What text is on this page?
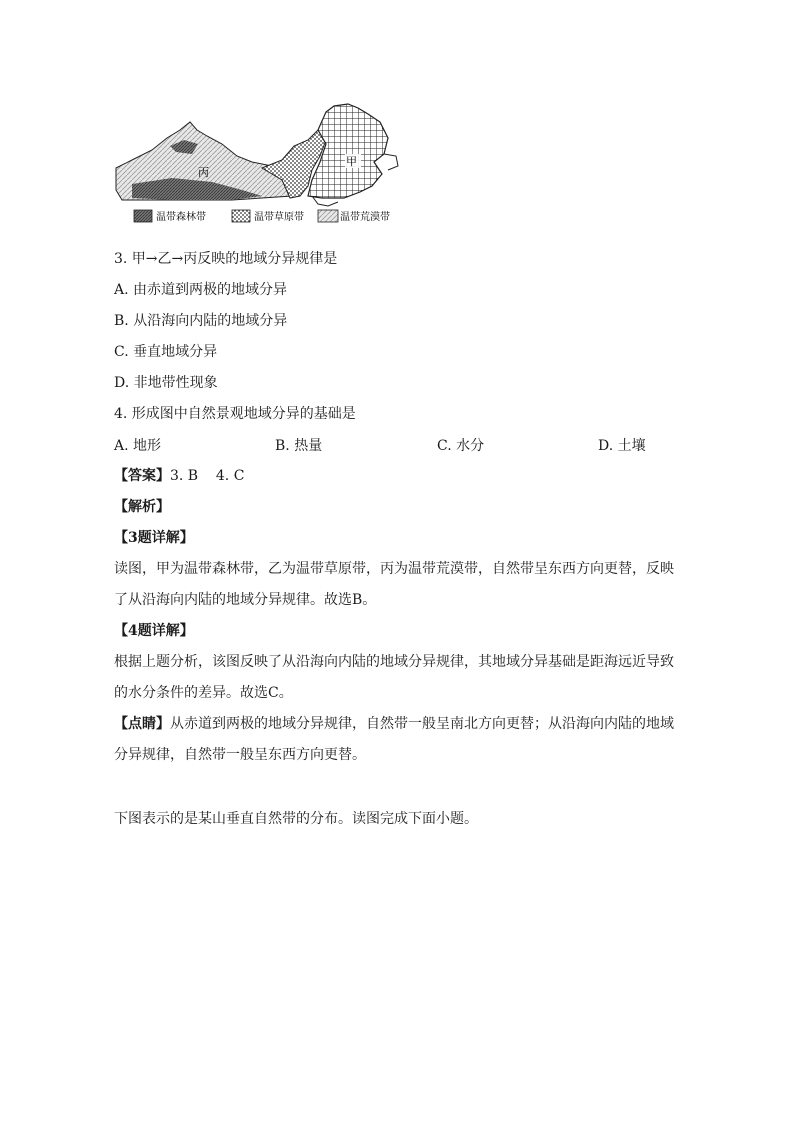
甲
丙
温带森林带	温带草原带	温带荒漠带
3. 甲→乙→丙反映的地域分异规律是
A. 由赤道到两极的地域分异
B. 从沿海向内陆的地域分异
C. 垂直地域分异
D. 非地带性现象
4. 形成图中自然景观地域分异的基础是
A. 地形	B. 热量	C. 水分	D. 土壤
【答案】3. B    4. C
【解析】
【3题详解】
读图，甲为温带森林带，乙为温带草原带，丙为温带荒漠带，自然带呈东西方向更替，反映
了从沿海向内陆的地域分异规律。故选B。
【4题详解】
根据上题分析，该图反映了从沿海向内陆的地域分异规律，其地域分异基础是距海远近导致
的水分条件的差异。故选C。
【点睛】从赤道到两极的地域分异规律，自然带一般呈南北方向更替；从沿海向内陆的地域
分异规律，自然带一般呈东西方向更替。
下图表示的是某山垂直自然带的分布。读图完成下面小题。
